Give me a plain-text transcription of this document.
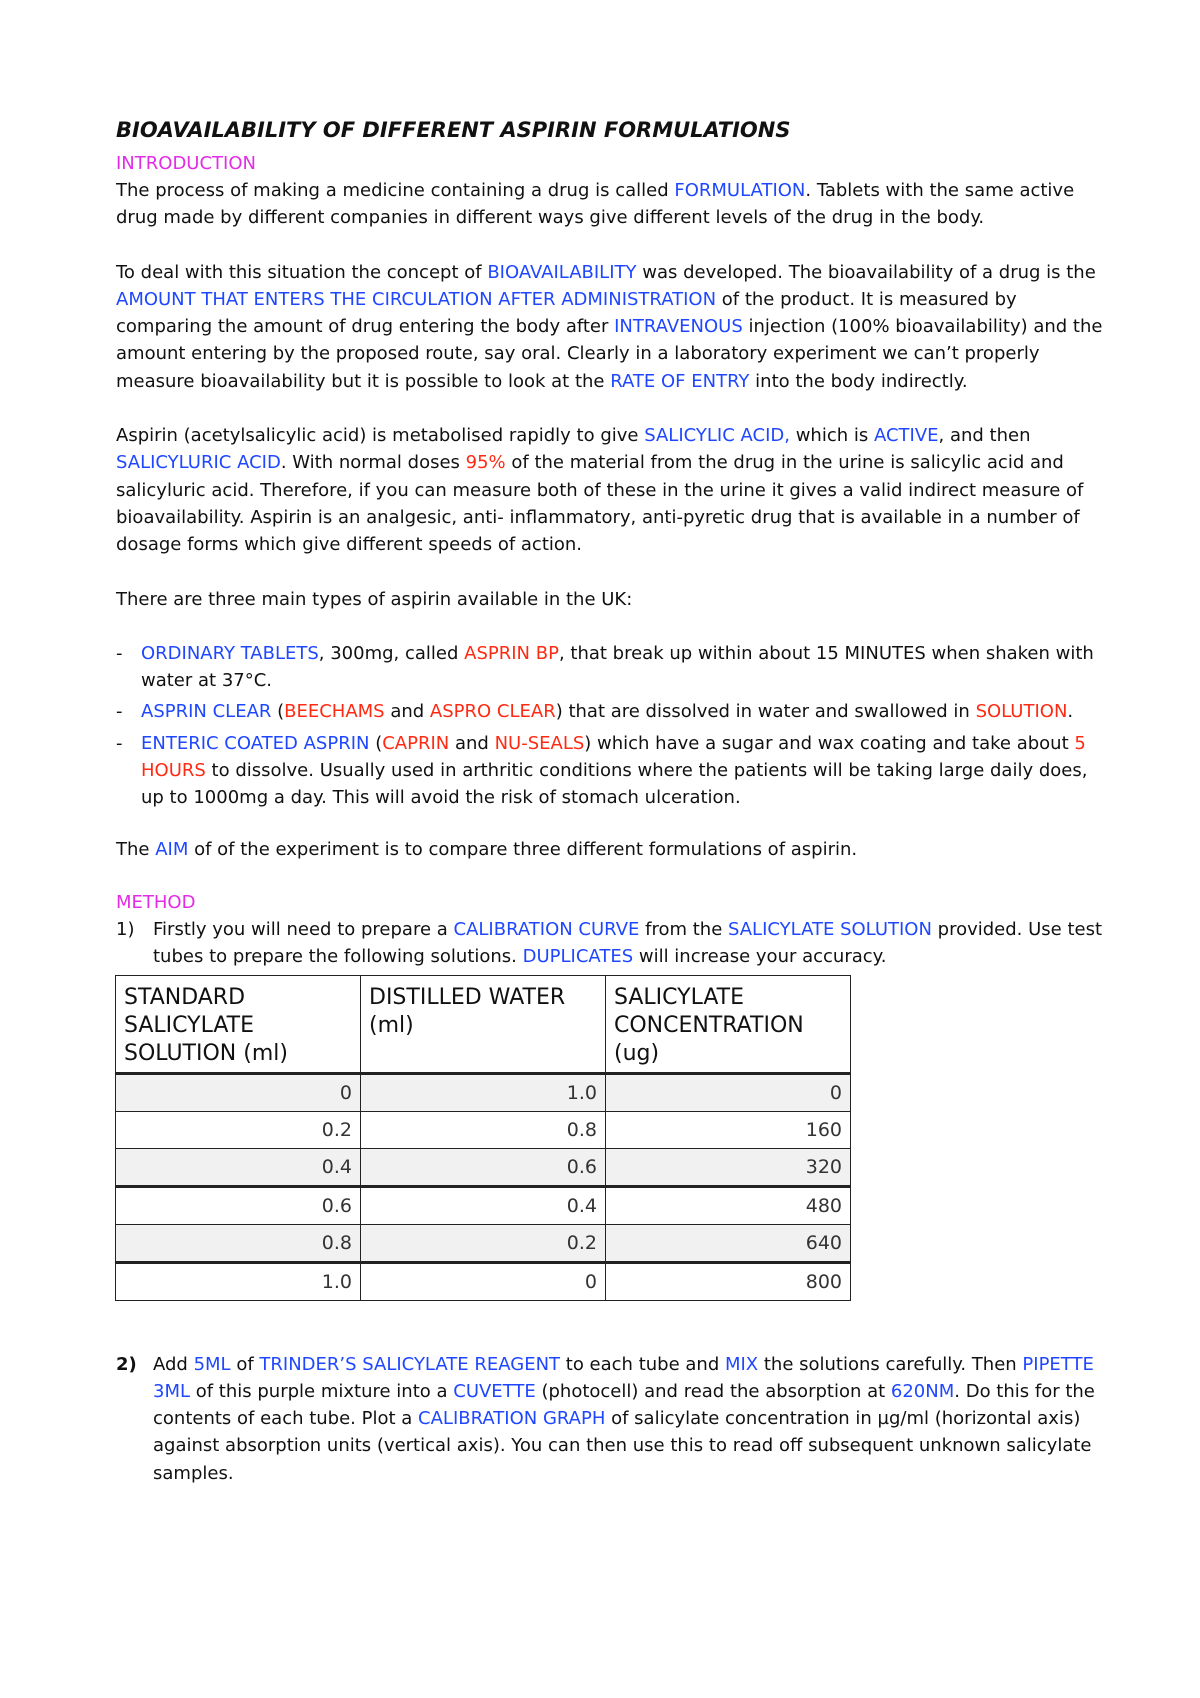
BIOAVAILABILITY OF DIFFERENT ASPIRIN FORMULATIONS
INTRODUCTION

The process of making a medicine containing a drug is called FORMULATION. Tablets with the same active drug made by different companies in different ways give different levels of the drug in the body.

To deal with this situation the concept of BIOAVAILABILITY was developed. The bioavailability of a drug is the AMOUNT THAT ENTERS THE CIRCULATION AFTER ADMINISTRATION of the product. It is measured by comparing the amount of drug entering the body after INTRAVENOUS injection (100% bioavailability) and the amount entering by the proposed route, say oral. Clearly in a laboratory experiment we can’t properly measure bioavailability but it is possible to look at the RATE OF ENTRY into the body indirectly.

Aspirin (acetylsalicylic acid) is metabolised rapidly to give SALICYLIC ACID, which is ACTIVE, and then SALICYLURIC ACID. With normal doses 95% of the material from the drug in the urine is salicylic acid and salicyluric acid. Therefore, if you can measure both of these in the urine it gives a valid indirect measure of bioavailability. Aspirin is an analgesic, anti- inflammatory, anti-pyretic drug that is available in a number of dosage forms which give different speeds of action.

There are three main types of aspirin available in the UK:

- ORDINARY TABLETS, 300mg, called ASPRIN BP, that break up within about 15 MINUTES when shaken with water at 37°C.
- ASPRIN CLEAR (BEECHAMS and ASPRO CLEAR) that are dissolved in water and swallowed in SOLUTION.
- ENTERIC COATED ASPRIN (CAPRIN and NU-SEALS) which have a sugar and wax coating and take about 5 HOURS to dissolve. Usually used in arthritic conditions where the patients will be taking large daily does, up to 1000mg a day. This will avoid the risk of stomach ulceration.

The AIM of of the experiment is to compare three different formulations of aspirin.

METHOD
1) Firstly you will need to prepare a CALIBRATION CURVE from the SALICYLATE SOLUTION provided. Use test tubes to prepare the following solutions. DUPLICATES will increase your accuracy.
STANDARD SALICYLATE SOLUTION (ml)	DISTILLED WATER (ml)	SALICYLATE CONCENTRATION (ug)
0	1.0	0
0.2	0.8	160
0.4	0.6	320
0.6	0.4	480
0.8	0.2	640
1.0	0	800
2) Add 5ML of TRINDER’S SALICYLATE REAGENT to each tube and MIX the solutions carefully. Then PIPETTE 3ML of this purple mixture into a CUVETTE (photocell) and read the absorption at 620NM. Do this for the contents of each tube. Plot a CALIBRATION GRAPH of salicylate concentration in µg/ml (horizontal axis) against absorption units (vertical axis). You can then use this to read off subsequent unknown salicylate samples.
